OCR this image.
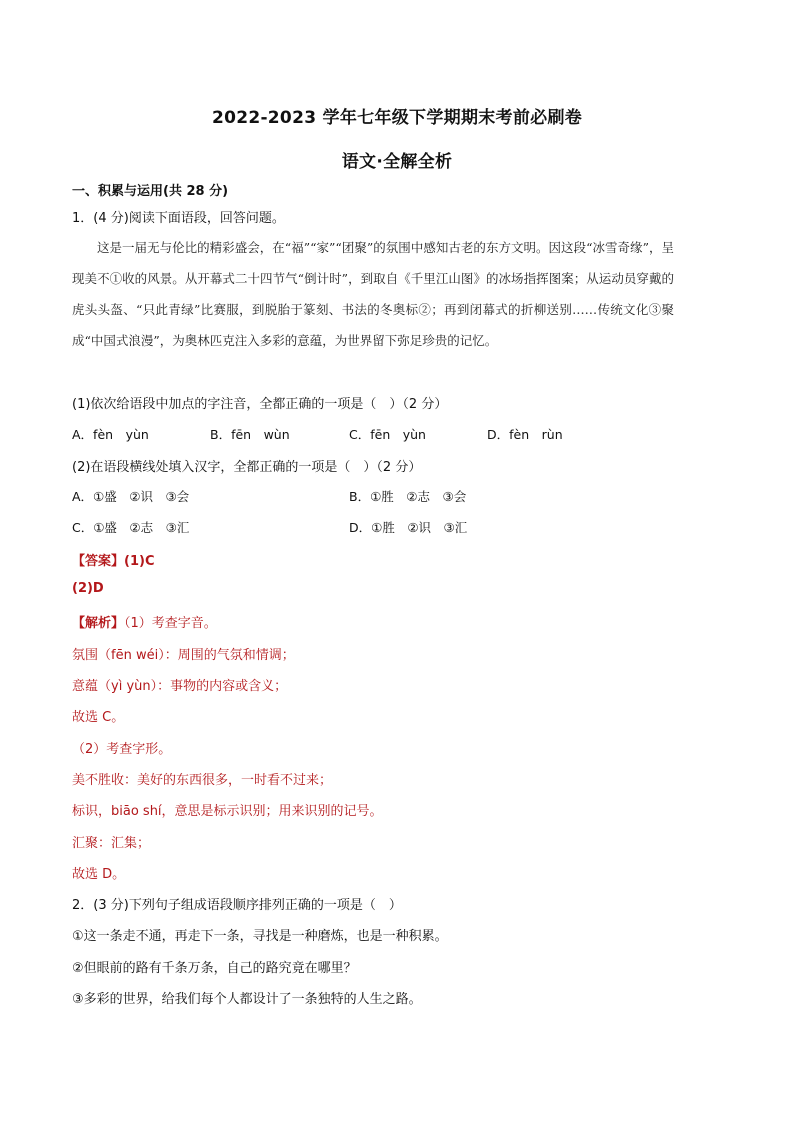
2022-2023 学年七年级下学期期末考前必刷卷
语文·全解全析
一、积累与运用(共 28 分)
1．(4 分)阅读下面语段，回答问题。

这是一届无与伦比的精彩盛会，在“福”“家”“团聚”的氛围中感知古老的东方文明。因这段“冰雪奇缘”，呈现美不①收的风景。从开幕式二十四节气“倒计时”，到取自《千里江山图》的冰场指挥图案；从运动员穿戴的虎头头盔、“只此青绿”比赛服，到脱胎于篆刻、书法的冬奥标②；再到闭幕式的折柳送别……传统文化③聚成“中国式浪漫”，为奥林匹克注入多彩的意蕴，为世界留下弥足珍贵的记忆。

(1)依次给语段中加点的字注音，全都正确的一项是（　）（2 分）
A．fèn　yùn	B．fēn　wùn	C．fēn　yùn	D．fèn　rùn
(2)在语段横线处填入汉字，全都正确的一项是（　）（2 分）
A．①盛　②识　③会	B．①胜　②志　③会
C．①盛　②志　③汇	D．①胜　②识　③汇
【答案】(1)C
(2)D
【解析】（1）考查字音。
氛围（fēn wéi）：周围的气氛和情调；
意蕴（yì yùn）：事物的内容或含义；
故选 C。
（2）考查字形。
美不胜收：美好的东西很多，一时看不过来；
标识，biāo shí，意思是标示识别；用来识别的记号。
汇聚：汇集；
故选 D。
2．(3 分)下列句子组成语段顺序排列正确的一项是（　）
①这一条走不通，再走下一条，寻找是一种磨炼，也是一种积累。
②但眼前的路有千条万条，自己的路究竟在哪里？
③多彩的世界，给我们每个人都设计了一条独特的人生之路。
